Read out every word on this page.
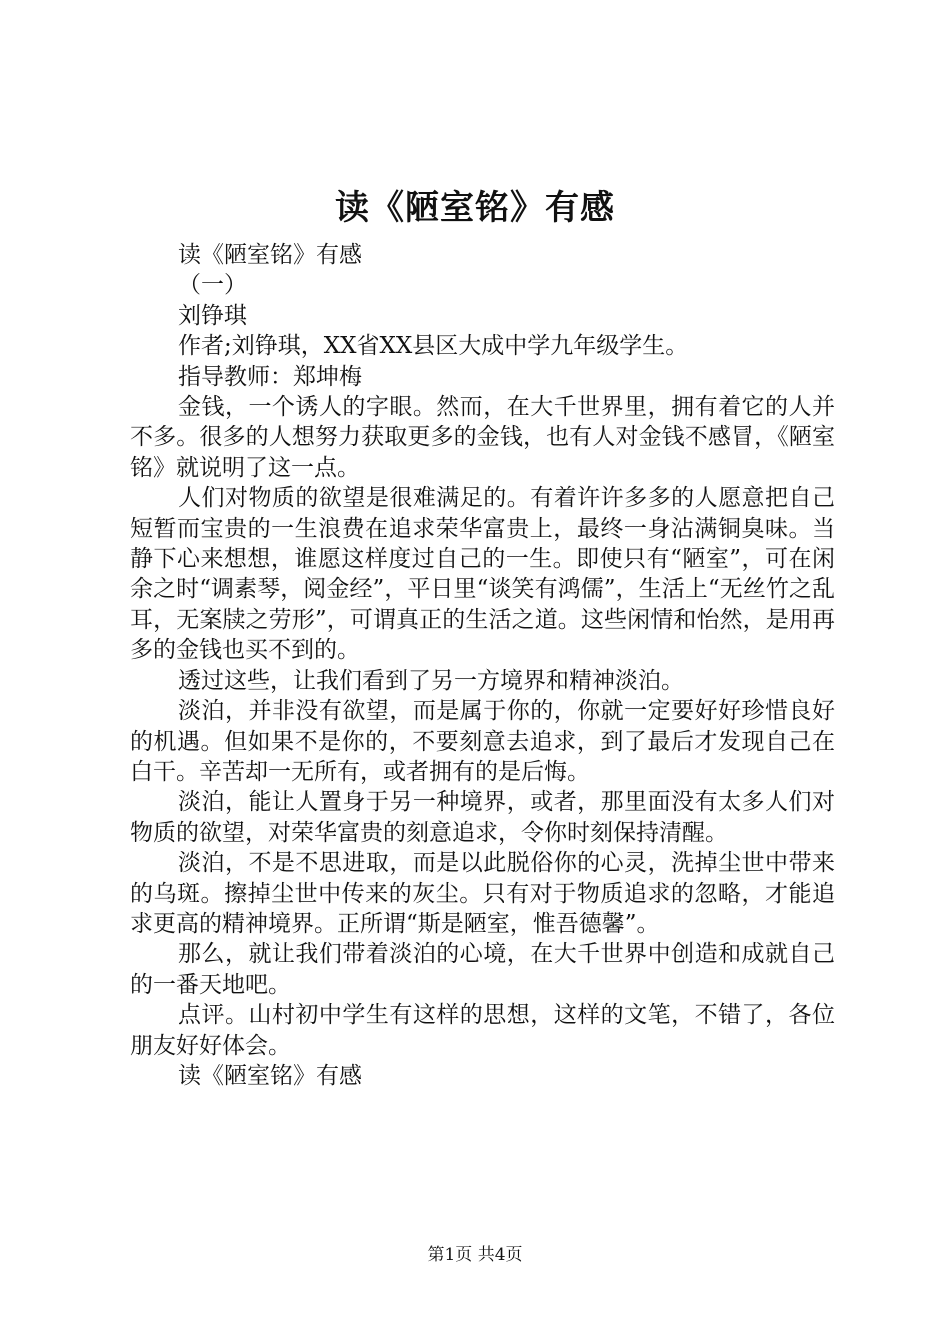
读《陋室铭》有感

读《陋室铭》有感

（一）

刘铮琪

作者;刘铮琪，XX省XX县区大成中学九年级学生。

指导教师：郑坤梅

金钱，一个诱人的字眼。然而，在大千世界里，拥有着它的人并不多。很多的人想努力获取更多的金钱，也有人对金钱不感冒，《陋室铭》就说明了这一点。

人们对物质的欲望是很难满足的。有着许许多多的人愿意把自己短暂而宝贵的一生浪费在追求荣华富贵上，最终一身沾满铜臭味。当静下心来想想，谁愿这样度过自己的一生。即使只有“陋室”，可在闲余之时“调素琴，阅金经”，平日里“谈笑有鸿儒”，生活上“无丝竹之乱耳，无案牍之劳形”，可谓真正的生活之道。这些闲情和怡然，是用再多的金钱也买不到的。

透过这些，让我们看到了另一方境界和精神淡泊。

淡泊，并非没有欲望，而是属于你的，你就一定要好好珍惜良好的机遇。但如果不是你的，不要刻意去追求，到了最后才发现自己在白干。辛苦却一无所有，或者拥有的是后悔。

淡泊，能让人置身于另一种境界，或者，那里面没有太多人们对物质的欲望，对荣华富贵的刻意追求，令你时刻保持清醒。

淡泊，不是不思进取，而是以此脱俗你的心灵，洗掉尘世中带来的乌斑。擦掉尘世中传来的灰尘。只有对于物质追求的忽略，才能追求更高的精神境界。正所谓“斯是陋室，惟吾德馨”。

那么，就让我们带着淡泊的心境，在大千世界中创造和成就自己的一番天地吧。

点评。山村初中学生有这样的思想，这样的文笔，不错了，各位朋友好好体会。

读《陋室铭》有感

第1页 共4页
